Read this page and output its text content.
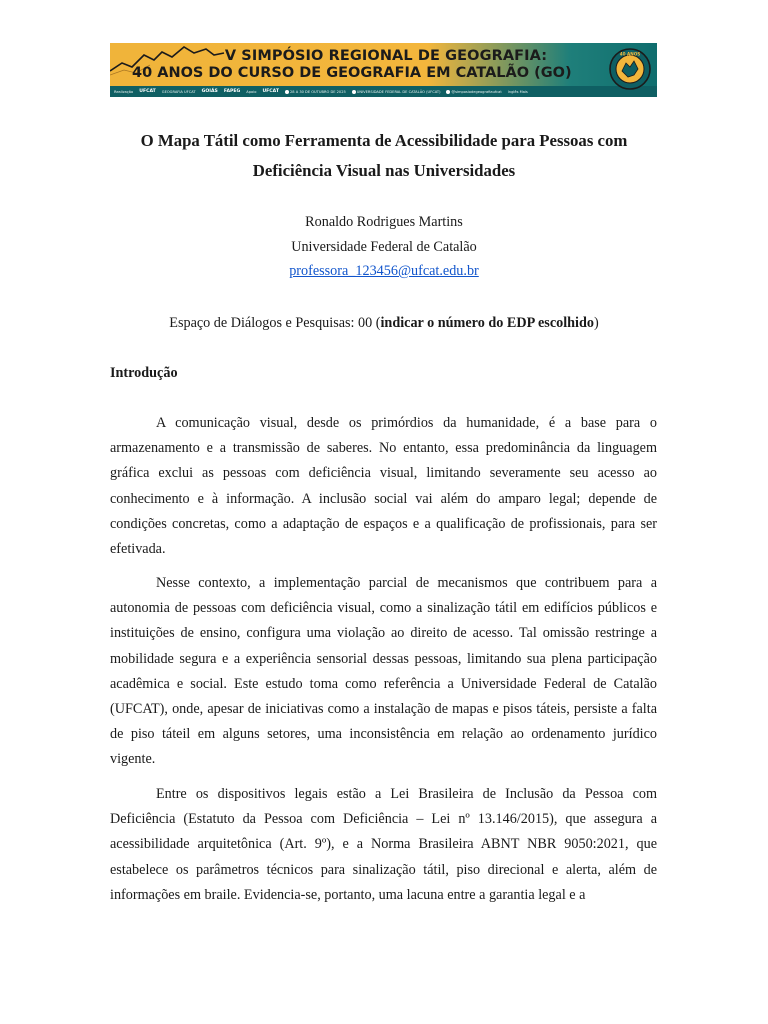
V SIMPÓSIO REGIONAL DE GEOGRAFIA:
40 ANOS DO CURSO DE GEOGRAFIA EM CATALÃO (GO)
Realização UFCAT GEOGRAFIA UFCAT GOIÁS FAPEG Apoio UFCAT	28 A 30 DE OUTUBRO DE 2025	UNIVERSIDADE FEDERAL DE CATALÃO (UFCAT)	@simposiodegeografiaufcat Inglês Mais
40 ANOS
O Mapa Tátil como Ferramenta de Acessibilidade para Pessoas com Deficiência Visual nas Universidades
Ronaldo Rodrigues Martins
Universidade Federal de Catalão
professora_123456@ufcat.edu.br
Espaço de Diálogos e Pesquisas: 00 (indicar o número do EDP escolhido)
Introdução

A comunicação visual, desde os primórdios da humanidade, é a base para o armazenamento e a transmissão de saberes. No entanto, essa predominância da linguagem gráfica exclui as pessoas com deficiência visual, limitando severamente seu acesso ao conhecimento e à informação. A inclusão social vai além do amparo legal; depende de condições concretas, como a adaptação de espaços e a qualificação de profissionais, para ser efetivada.

Nesse contexto, a implementação parcial de mecanismos que contribuem para a autonomia de pessoas com deficiência visual, como a sinalização tátil em edifícios públicos e instituições de ensino, configura uma violação ao direito de acesso. Tal omissão restringe a mobilidade segura e a experiência sensorial dessas pessoas, limitando sua plena participação acadêmica e social. Este estudo toma como referência a Universidade Federal de Catalão (UFCAT), onde, apesar de iniciativas como a instalação de mapas e pisos táteis, persiste a falta de piso táteil em alguns setores, uma inconsistência em relação ao ordenamento jurídico vigente.

Entre os dispositivos legais estão a Lei Brasileira de Inclusão da Pessoa com Deficiência (Estatuto da Pessoa com Deficiência – Lei nº 13.146/2015), que assegura a acessibilidade arquitetônica (Art. 9º), e a Norma Brasileira ABNT NBR 9050:2021, que estabelece os parâmetros técnicos para sinalização tátil, piso direcional e alerta, além de informações em braile. Evidencia-se, portanto, uma lacuna entre a garantia legal e a
